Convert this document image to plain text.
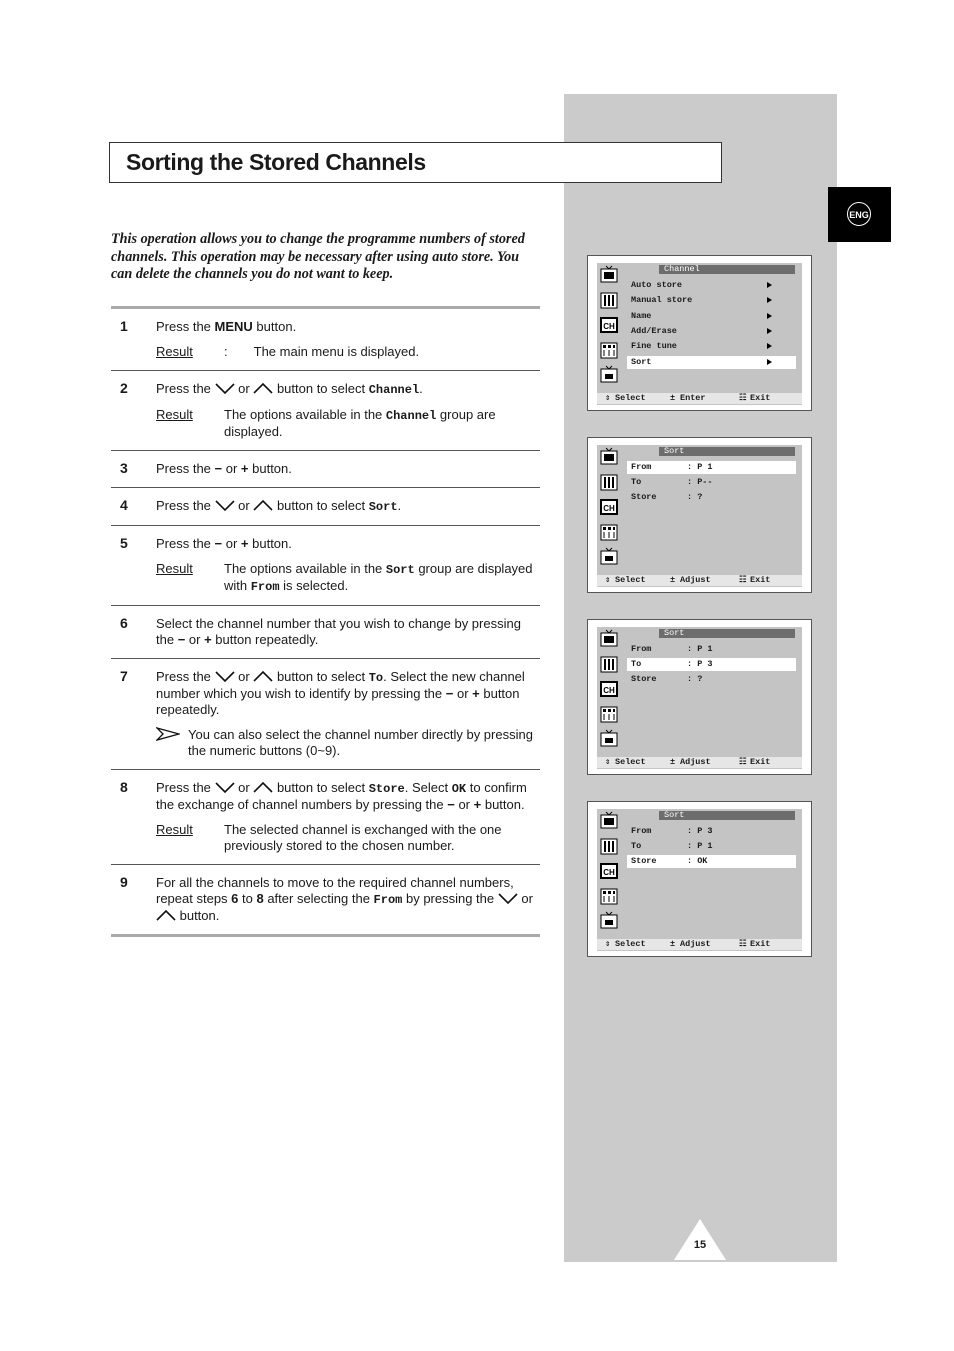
Sorting the Stored Channels
ENG

This operation allows you to change the programme numbers of stored channels. This operation may be necessary after using auto store. You can delete the channels you do not want to keep.

1 Press the MENU button.
Result	: The main menu is displayed.
2 Press the  or  button to select Channel.
Result	The options available in the Channel group are displayed.
3 Press the − or + button.
4 Press the  or  button to select Sort.
5 Press the − or + button.
Result	The options available in the Sort group are displayed with From is selected.
6 Select the channel number that you wish to change by pressing the − or + button repeatedly.
7 Press the  or  button to select To. Select the new channel number which you wish to identify by pressing the − or + button repeatedly.
You can also select the channel number directly by pressing the numeric buttons (0~9).
8 Press the  or  button to select Store. Select OK to confirm the exchange of channel numbers by pressing the − or + button.
Result	The selected channel is exchanged with the one previously stored to the chosen number.
9 For all the channels to move to the required channel numbers, repeat steps 6 to 8 after selecting the From by pressing the  or  button.
CH
Channel
Auto store
Manual store
Name
Add/Erase
Fine tune
Sort
⇕ Select	± Enter	☷ Exit
CH
Sort
From	: P 1
To	: P--
Store	: ?
⇕ Select	± Adjust	☷ Exit
CH
Sort
From	: P 1
To	: P 3
Store	: ?
⇕ Select	± Adjust	☷ Exit
CH
Sort
From	: P 3
To	: P 1
Store	: OK
⇕ Select	± Adjust	☷ Exit
15
